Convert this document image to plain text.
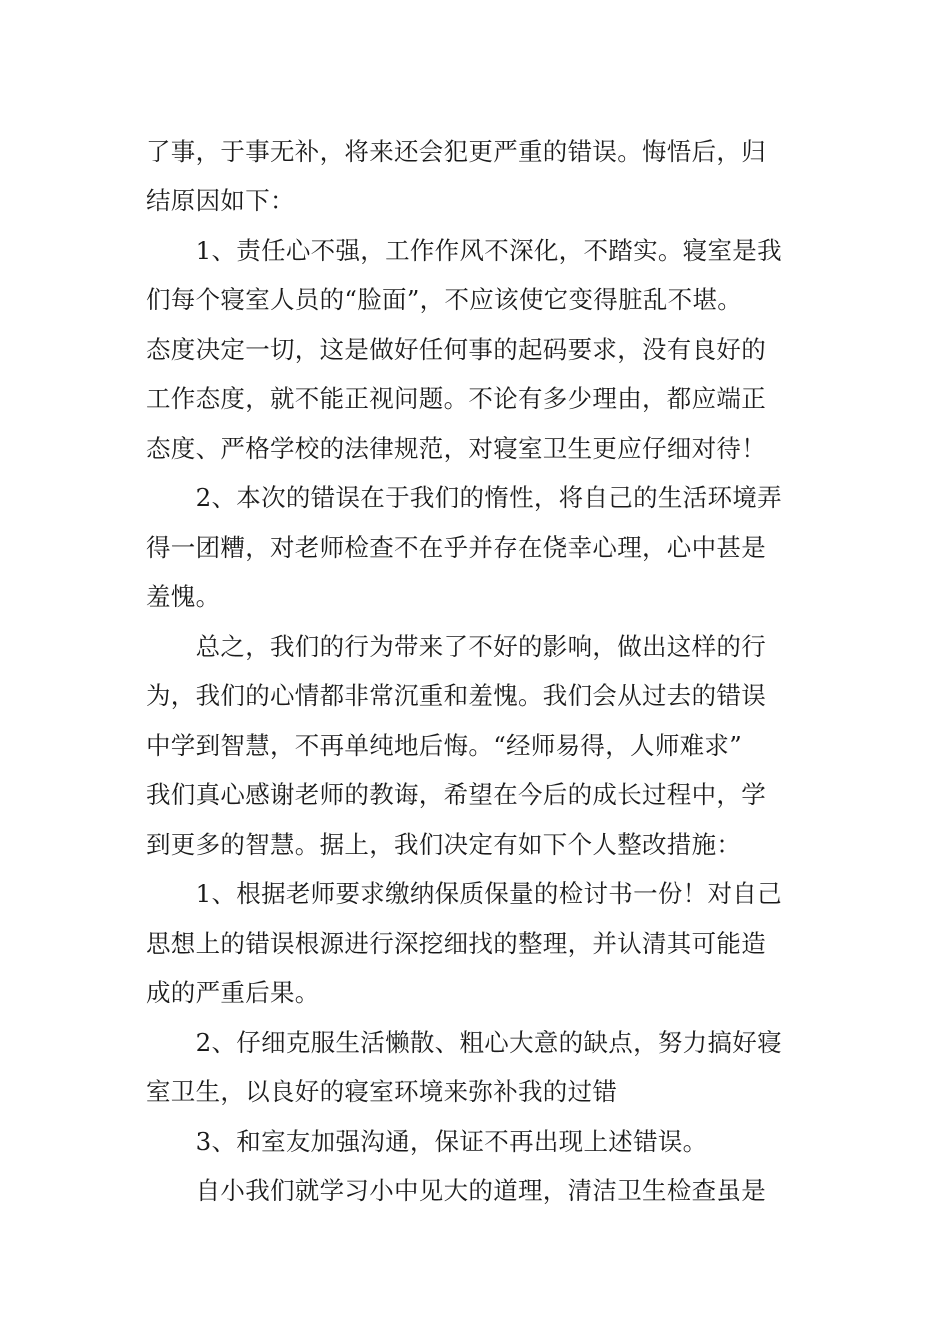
了事，于事无补，将来还会犯更严重的错误。悔悟后，归
结原因如下：
　　1、责任心不强，工作作风不深化，不踏实。寝室是我
们每个寝室人员的“脸面”，不应该使它变得脏乱不堪。
态度决定一切，这是做好任何事的起码要求，没有良好的
工作态度，就不能正视问题。不论有多少理由，都应端正
态度、严格学校的法律规范，对寝室卫生更应仔细对待！
　　2、本次的错误在于我们的惰性，将自己的生活环境弄
得一团糟，对老师检查不在乎并存在侥幸心理，心中甚是
羞愧。
　　总之，我们的行为带来了不好的影响，做出这样的行
为，我们的心情都非常沉重和羞愧。我们会从过去的错误
中学到智慧，不再单纯地后悔。“经师易得，人师难求”
我们真心感谢老师的教诲，希望在今后的成长过程中，学
到更多的智慧。据上，我们决定有如下个人整改措施：
　　1、根据老师要求缴纳保质保量的检讨书一份！对自己
思想上的错误根源进行深挖细找的整理，并认清其可能造
成的严重后果。
　　2、仔细克服生活懒散、粗心大意的缺点，努力搞好寝
室卫生，以良好的寝室环境来弥补我的过错
　　3、和室友加强沟通，保证不再出现上述错误。
　　自小我们就学习小中见大的道理，清洁卫生检查虽是
